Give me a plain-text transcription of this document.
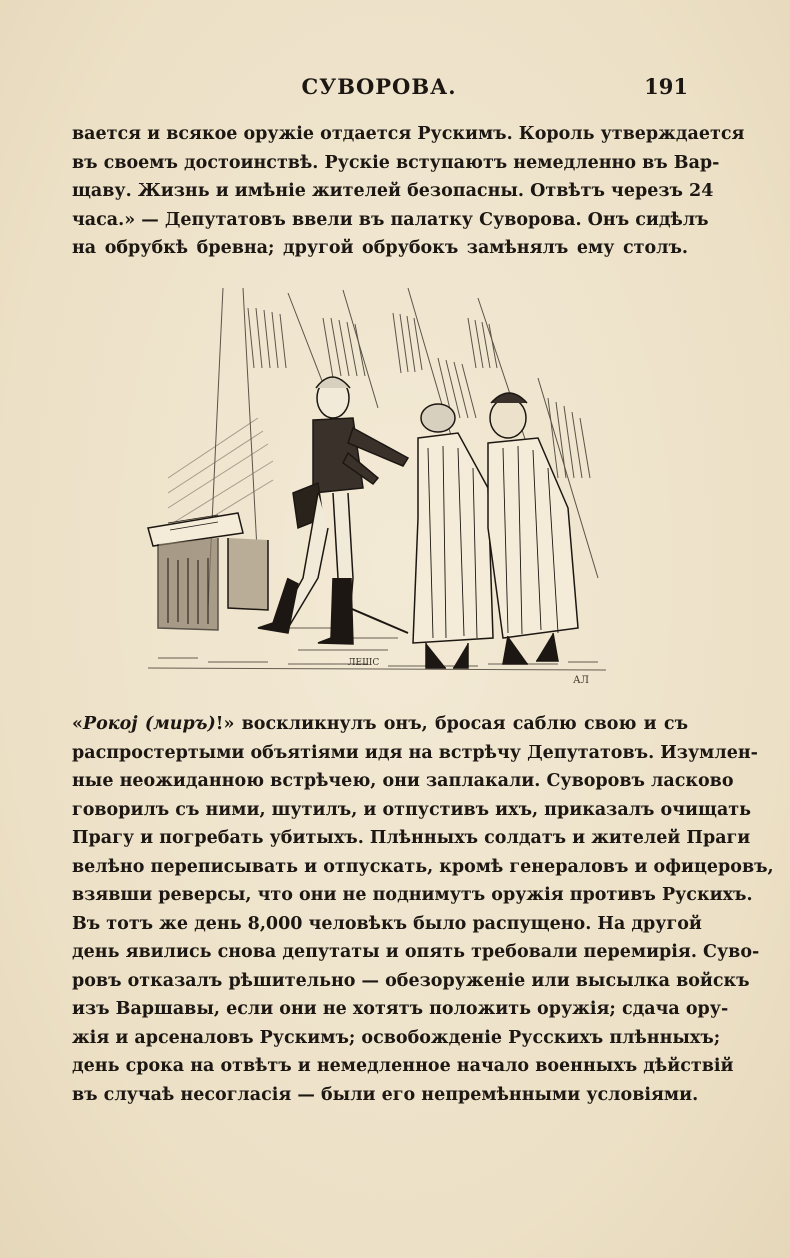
СУВОРОВА.	191
вается и всякое оружіе отдается Рускимъ. Король утверждается
въ своемъ достоинствѣ. Рускіе вступаютъ немедленно въ Вар-
щаву. Жизнь и имѣніе жителей безопасны. Отвѣтъ черезъ 24
часа.» — Депутатовъ ввели въ палатку Суворова. Онъ сидѣлъ
на обрубкѣ бревна; другой обрубокъ замѣнялъ ему столъ.
ЛЕШС
АЛ
«Рокој (миръ)!» воскликнулъ онъ, бросая саблю свою и съ
распростертыми объятіями идя на встрѣчу Депутатовъ. Изумлен-
ные неожиданною встрѣчею, они заплакали. Суворовъ ласково
говорилъ съ ними, шутилъ, и отпустивъ ихъ, приказалъ очищать
Прагу и погребать убитыхъ. Плѣнныхъ солдатъ и жителей Праги
велѣно переписывать и отпускать, кромѣ генераловъ и офицеровъ,
взявши реверсы, что они не поднимутъ оружія противъ Рускихъ.
Въ тотъ же день 8,000 человѣкъ было распущено. На другой
день явились снова депутаты и опять требовали перемирія. Суво-
ровъ отказалъ рѣшительно — обезоруженіе или высылка войскъ
изъ Варшавы, если они не хотятъ положить оружія; сдача ору-
жія и арсеналовъ Рускимъ; освобожденіе Русскихъ плѣнныхъ;
день срока на отвѣтъ и немедленное начало военныхъ дѣйствій
въ случаѣ несогласія — были его непремѣнными условіями.
